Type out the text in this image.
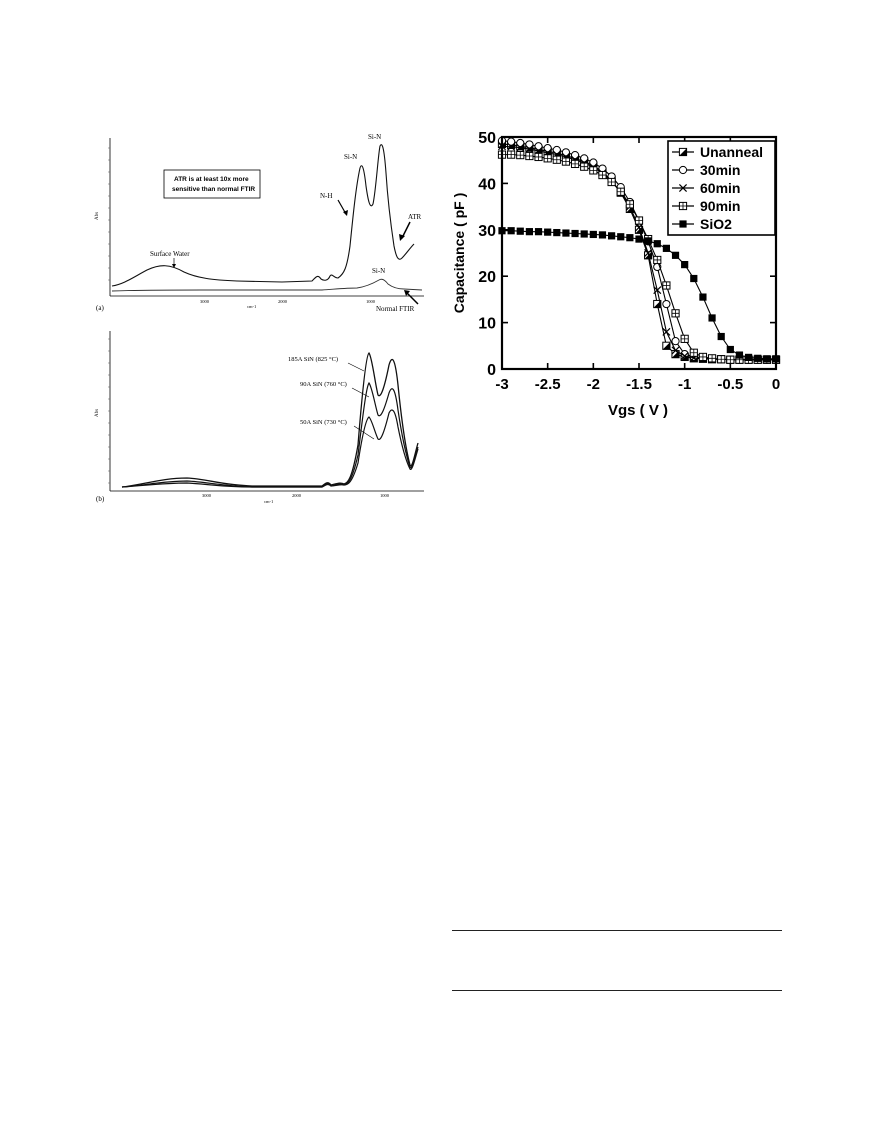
Abs
3000	2000	1000
cm-1
(a)
ATR is at least 10x more
sensitive than normal FTIR
Surface Water
N-H
Si-N
Si-N
ATR
Si-N
Normal FTIR
Abs
3000	2000	1000
cm-1
(b)
185A SiN (825 °C)
90A SiN (760 °C)
50A SiN (730 °C)
-3 -2.5 -2 -1.5 -1 -0.5 0
0
10
20
30
40
50
Capacitance ( pF )
Vgs ( V )
Unanneal
30min
60min
90min
SiO2
